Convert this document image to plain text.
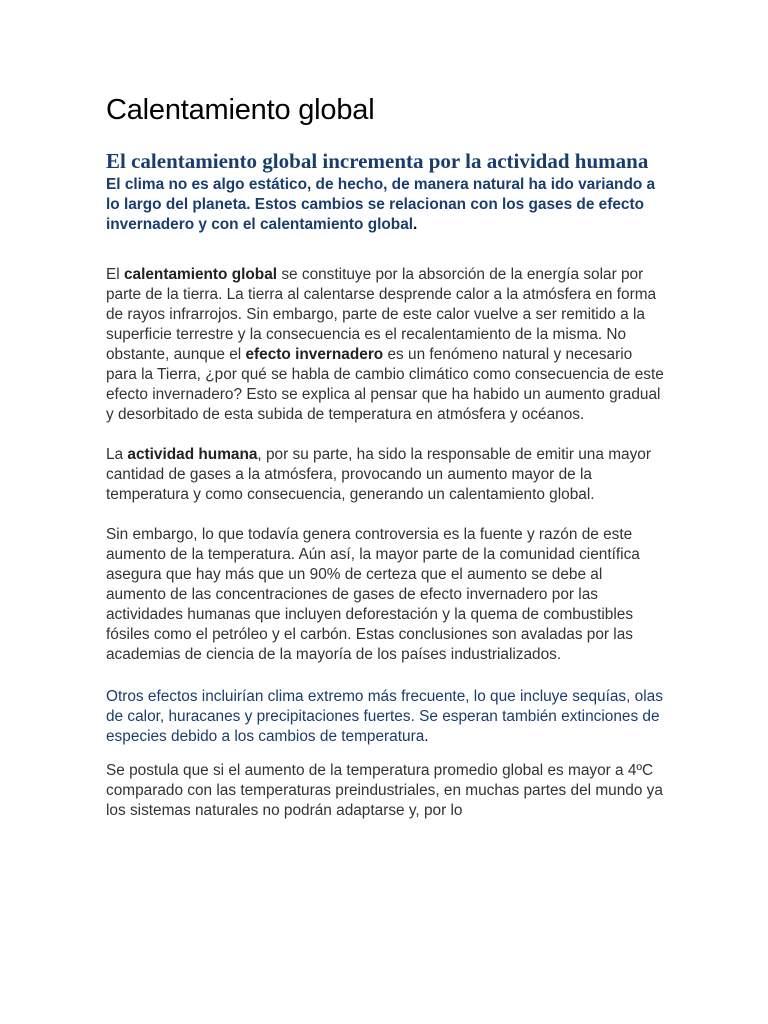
Calentamiento global
El calentamiento global incrementa por la actividad humana

El clima no es algo estático, de hecho, de manera natural ha ido variando a lo largo del planeta. Estos cambios se relacionan con los gases de efecto invernadero y con el calentamiento global.

El calentamiento global se constituye por la absorción de la energía solar por parte de la tierra. La tierra al calentarse desprende calor a la atmósfera en forma de rayos infrarrojos. Sin embargo, parte de este calor vuelve a ser remitido a la superficie terrestre y la consecuencia es el recalentamiento de la misma. No obstante, aunque el efecto invernadero es un fenómeno natural y necesario para la Tierra, ¿por qué se habla de cambio climático como consecuencia de este efecto invernadero? Esto se explica al pensar que ha habido un aumento gradual y desorbitado de esta subida de temperatura en atmósfera y océanos.

La actividad humana, por su parte, ha sido la responsable de emitir una mayor cantidad de gases a la atmósfera, provocando un aumento mayor de la temperatura y como consecuencia, generando un calentamiento global.

Sin embargo, lo que todavía genera controversia es la fuente y razón de este aumento de la temperatura. Aún así, la mayor parte de la comunidad científica asegura que hay más que un 90% de certeza que el aumento se debe al aumento de las concentraciones de gases de efecto invernadero por las actividades humanas que incluyen deforestación y la quema de combustibles fósiles como el petróleo y el carbón. Estas conclusiones son avaladas por las academias de ciencia de la mayoría de los países industrializados.

Otros efectos incluirían clima extremo más frecuente, lo que incluye sequías, olas de calor, huracanes y precipitaciones fuertes. Se esperan también extinciones de especies debido a los cambios de temperatura.

Se postula que si el aumento de la temperatura promedio global es mayor a 4ºC comparado con las temperaturas preindustriales, en muchas partes del mundo ya los sistemas naturales no podrán adaptarse y, por lo
